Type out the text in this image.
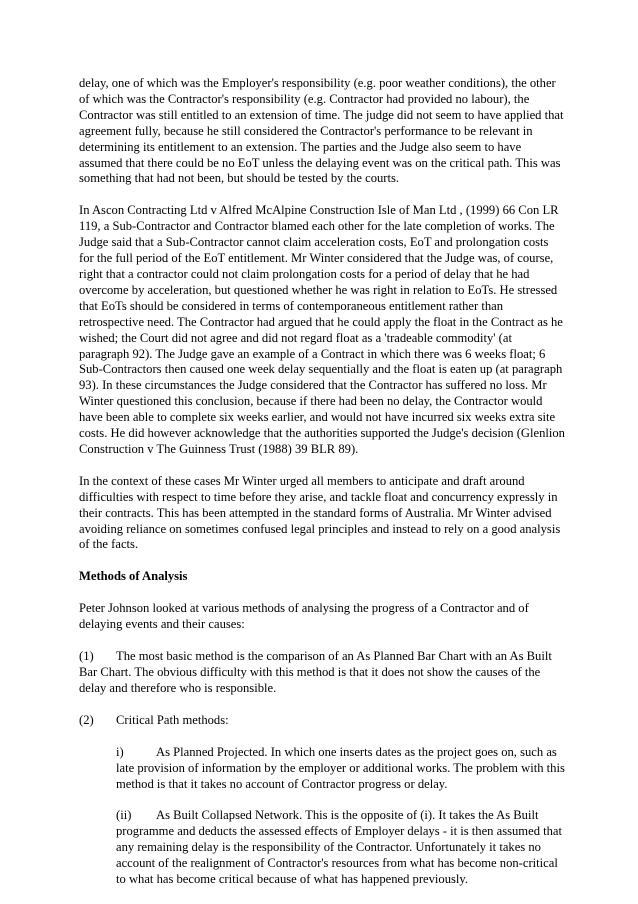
delay, one of which was the Employer's responsibility (e.g. poor weather conditions), the other of which was the Contractor's responsibility (e.g. Contractor had provided no labour), the Contractor was still entitled to an extension of time. The judge did not seem to have applied that agreement fully, because he still considered the Contractor's performance to be relevant in determining its entitlement to an extension. The parties and the Judge also seem to have assumed that there could be no EoT unless the delaying event was on the critical path. This was something that had not been, but should be tested by the courts.

In Ascon Contracting Ltd v Alfred McAlpine Construction Isle of Man Ltd , (1999) 66 Con LR 119, a Sub-Contractor and Contractor blamed each other for the late completion of works. The Judge said that a Sub-Contractor cannot claim acceleration costs, EoT and prolongation costs for the full period of the EoT entitlement. Mr Winter considered that the Judge was, of course, right that a contractor could not claim prolongation costs for a period of delay that he had overcome by acceleration, but questioned whether he was right in relation to EoTs. He stressed that EoTs should be considered in terms of contemporaneous entitlement rather than retrospective need. The Contractor had argued that he could apply the float in the Contract as he wished; the Court did not agree and did not regard float as a 'tradeable commodity' (at paragraph 92). The Judge gave an example of a Contract in which there was 6 weeks float; 6 Sub-Contractors then caused one week delay sequentially and the float is eaten up (at paragraph 93). In these circumstances the Judge considered that the Contractor has suffered no loss. Mr Winter questioned this conclusion, because if there had been no delay, the Contractor would have been able to complete six weeks earlier, and would not have incurred six weeks extra site costs. He did however acknowledge that the authorities supported the Judge's decision (Glenlion Construction v The Guinness Trust (1988) 39 BLR 89).

In the context of these cases Mr Winter urged all members to anticipate and draft around difficulties with respect to time before they arise, and tackle float and concurrency expressly in their contracts. This has been attempted in the standard forms of Australia. Mr Winter advised avoiding reliance on sometimes confused legal principles and instead to rely on a good analysis of the facts.

Methods of Analysis

Peter Johnson looked at various methods of analysing the progress of a Contractor and of delaying events and their causes:

(1) The most basic method is the comparison of an As Planned Bar Chart with an As Built Bar Chart. The obvious difficulty with this method is that it does not show the causes of the delay and therefore who is responsible.

(2) Critical Path methods:

i)	As Planned Projected. In which one inserts dates as the project goes on, such as late provision of information by the employer or additional works. The problem with this method is that it takes no account of Contractor progress or delay.

(ii) As Built Collapsed Network. This is the opposite of (i). It takes the As Built programme and deducts the assessed effects of Employer delays - it is then assumed that any remaining delay is the responsibility of the Contractor. Unfortunately it takes no account of the realignment of Contractor's resources from what has become non-critical to what has become critical because of what has happened previously.
